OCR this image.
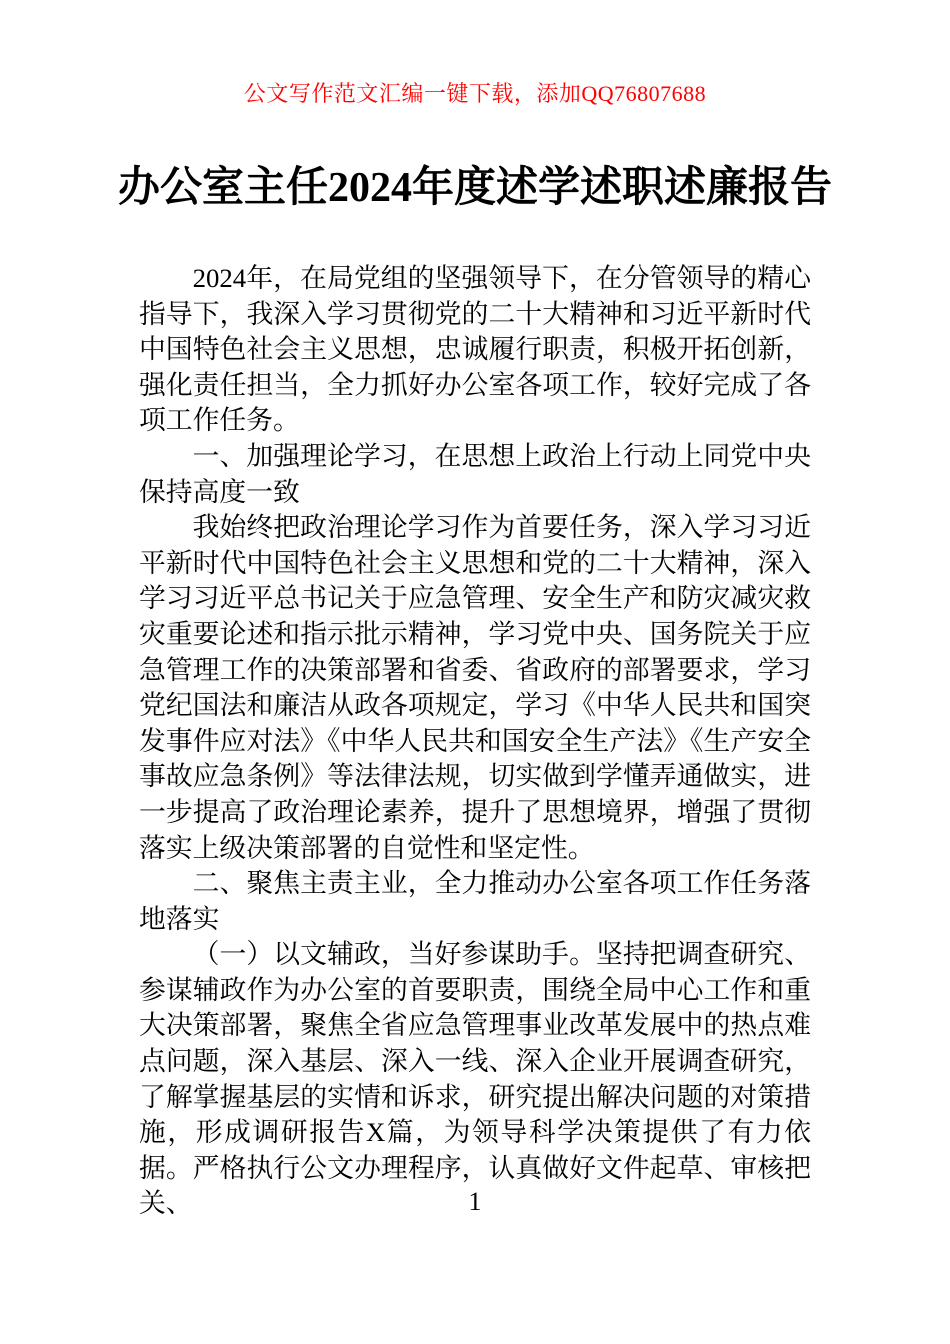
公文写作范文汇编一键下载，添加QQ76807688
办公室主任2024年度述学述职述廉报告

2024年，在局党组的坚强领导下，在分管领导的精心指导下，我深入学习贯彻党的二十大精神和习近平新时代中国特色社会主义思想，忠诚履行职责，积极开拓创新，强化责任担当，全力抓好办公室各项工作，较好完成了各项工作任务。

一、加强理论学习，在思想上政治上行动上同党中央保持高度一致

我始终把政治理论学习作为首要任务，深入学习习近平新时代中国特色社会主义思想和党的二十大精神，深入学习习近平总书记关于应急管理、安全生产和防灾减灾救灾重要论述和指示批示精神，学习党中央、国务院关于应急管理工作的决策部署和省委、省政府的部署要求，学习党纪国法和廉洁从政各项规定，学习《中华人民共和国突发事件应对法》《中华人民共和国安全生产法》《生产安全事故应急条例》等法律法规，切实做到学懂弄通做实，进一步提高了政治理论素养，提升了思想境界，增强了贯彻落实上级决策部署的自觉性和坚定性。

二、聚焦主责主业，全力推动办公室各项工作任务落地落实

（一）以文辅政，当好参谋助手。坚持把调查研究、参谋辅政作为办公室的首要职责，围绕全局中心工作和重大决策部署，聚焦全省应急管理事业改革发展中的热点难点问题，深入基层、深入一线、深入企业开展调查研究，了解掌握基层的实情和诉求，研究提出解决问题的对策措施，形成调研报告X篇，为领导科学决策提供了有力依据。严格执行公文办理程序，认真做好文件起草、审核把关、	1
